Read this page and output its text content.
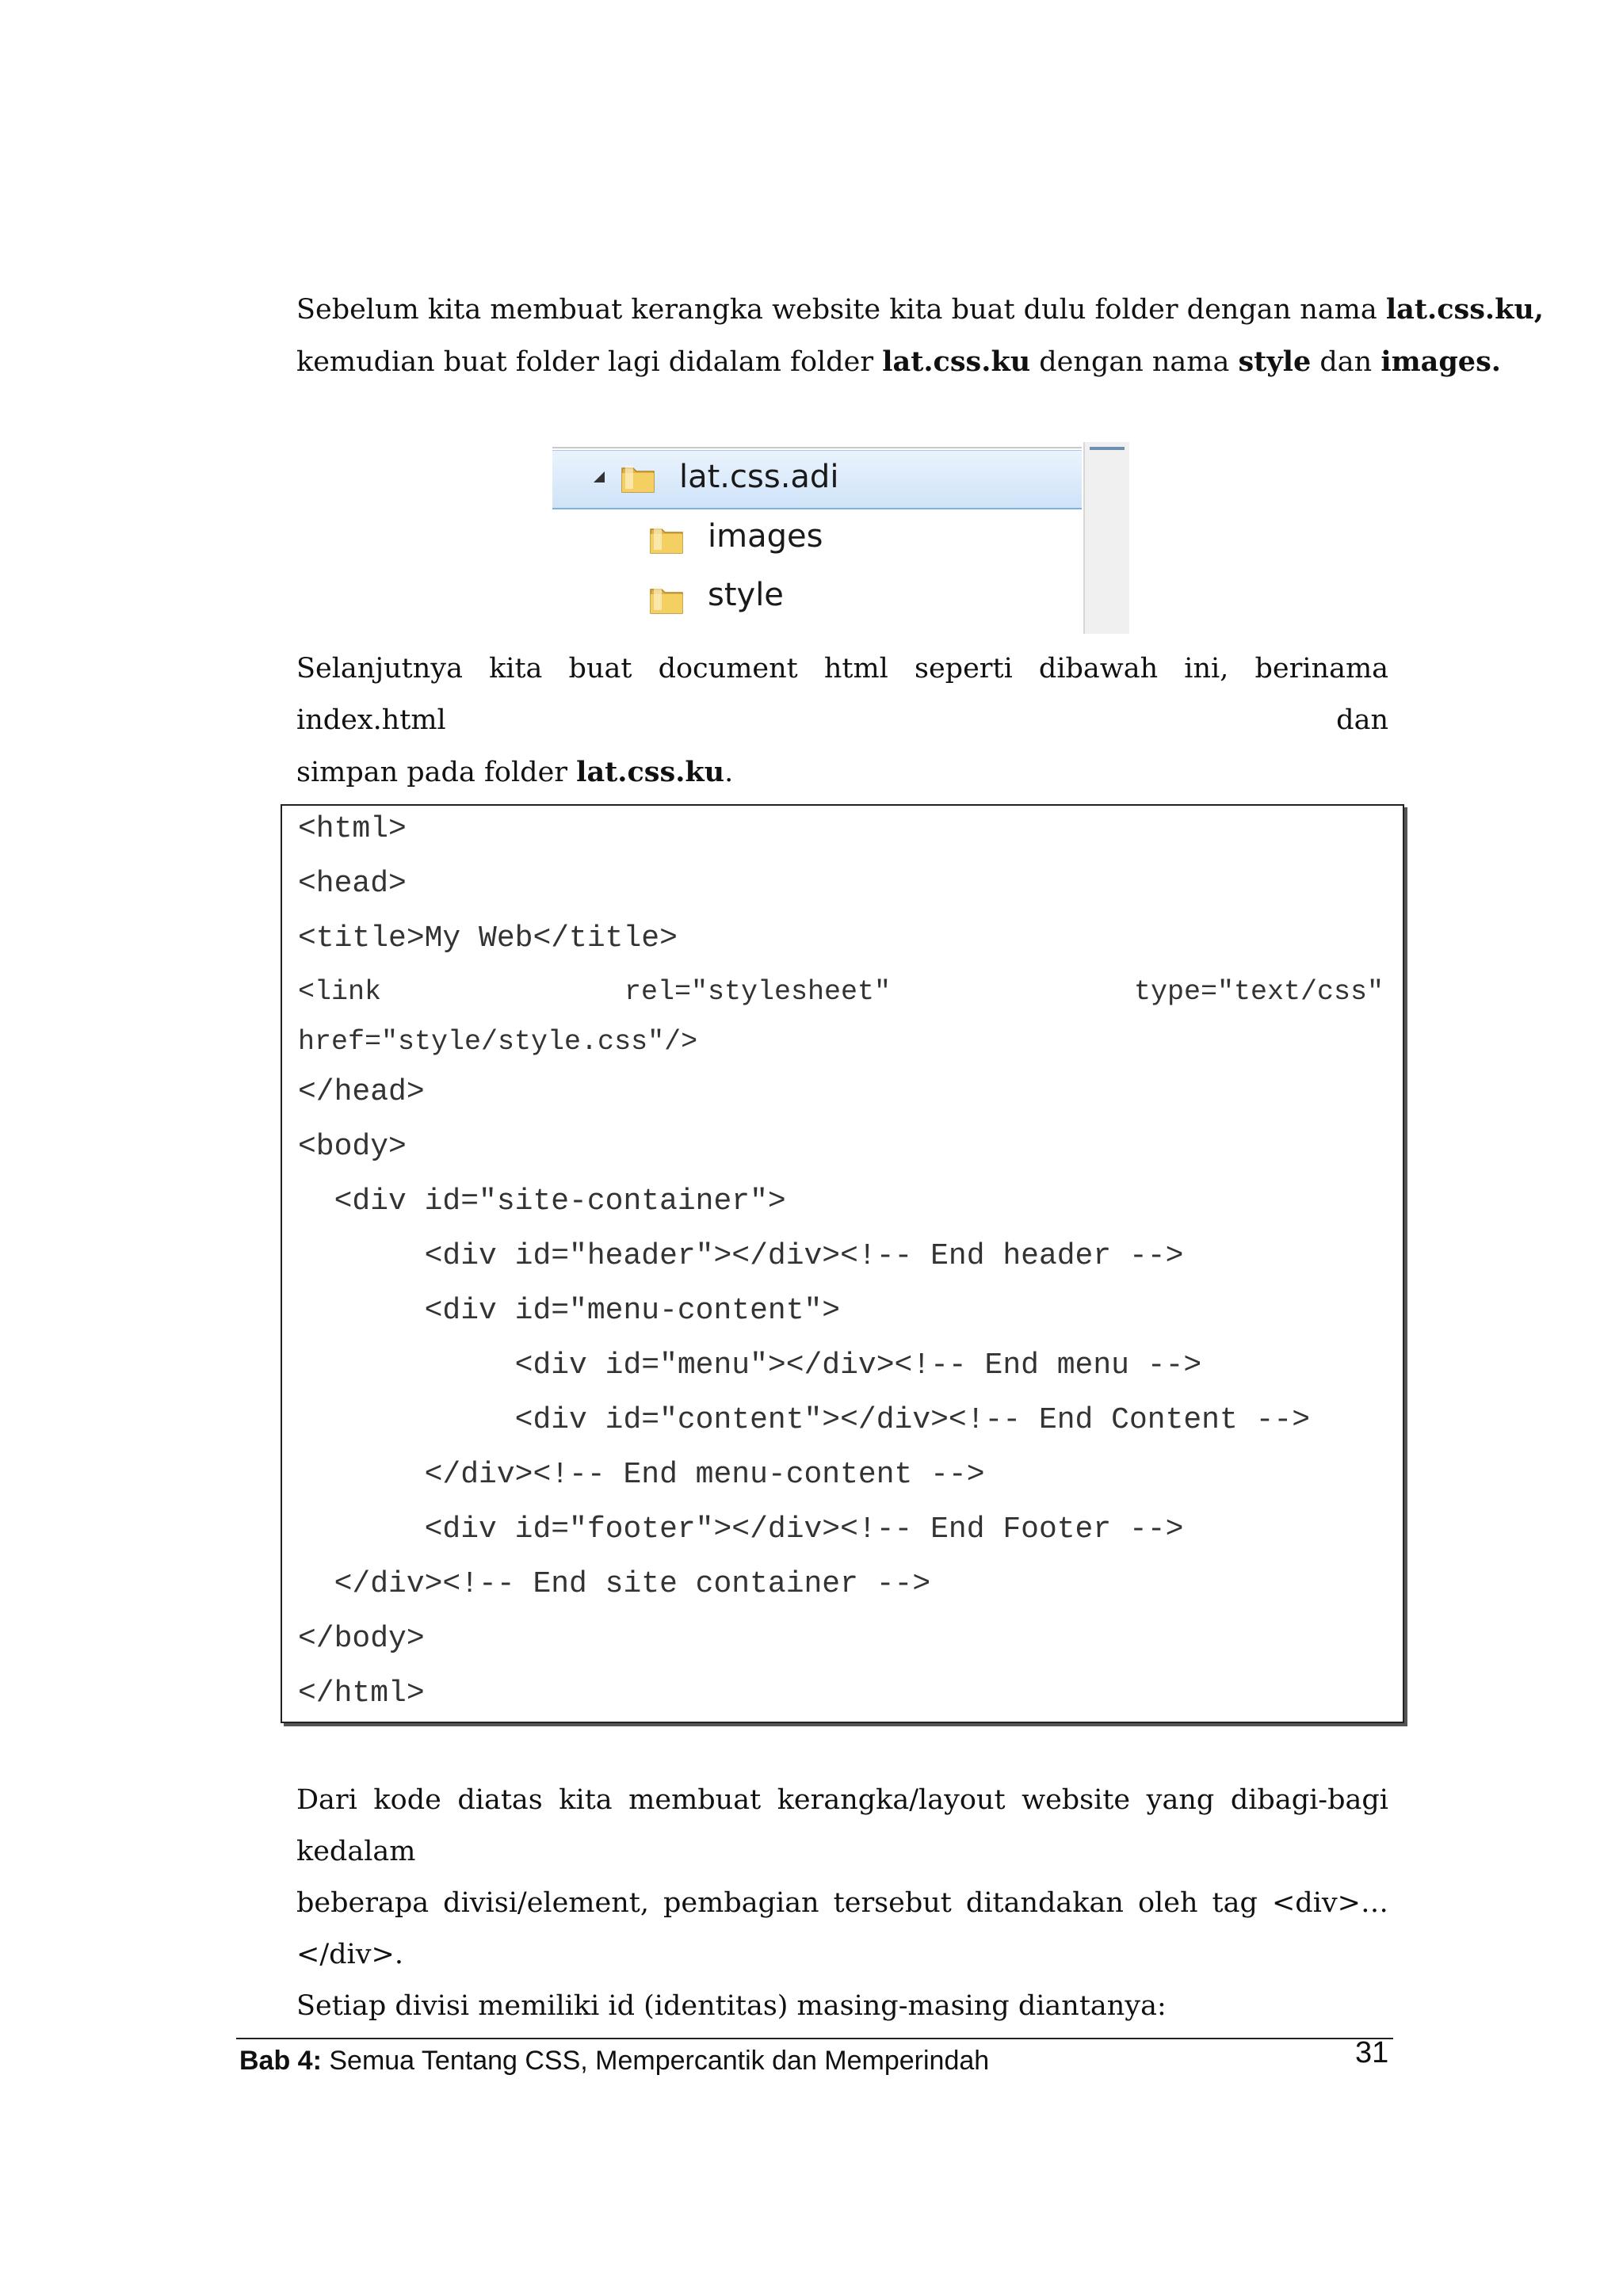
Sebelum kita membuat kerangka website kita buat dulu folder dengan nama lat.css.ku,
kemudian buat folder lagi didalam folder lat.css.ku dengan nama style dan images.

lat.css.adi
images
style

Selanjutnya kita buat document html seperti dibawah ini, berinama index.html dan
simpan pada folder lat.css.ku.

<html>
<head>
<title>My Web</title>
<link	rel="stylesheet"	type="text/css"
href="style/style.css"/>
</head>
<body>
<div id="site-container">
<div id="header"></div><!-- End header -->
<div id="menu-content">
<div id="menu"></div><!-- End menu -->
<div id="content"></div><!-- End Content -->
</div><!-- End menu-content -->
<div id="footer"></div><!-- End Footer -->
</div><!-- End site container -->
</body>
</html>

Dari kode diatas kita membuat kerangka/layout website yang dibagi-bagi kedalam
beberapa divisi/element, pembagian tersebut ditandakan oleh tag <div>…</div>.
Setiap divisi memiliki id (identitas) masing-masing diantanya:

Bab 4: Semua Tentang CSS, Mempercantik dan Memperindah	31
